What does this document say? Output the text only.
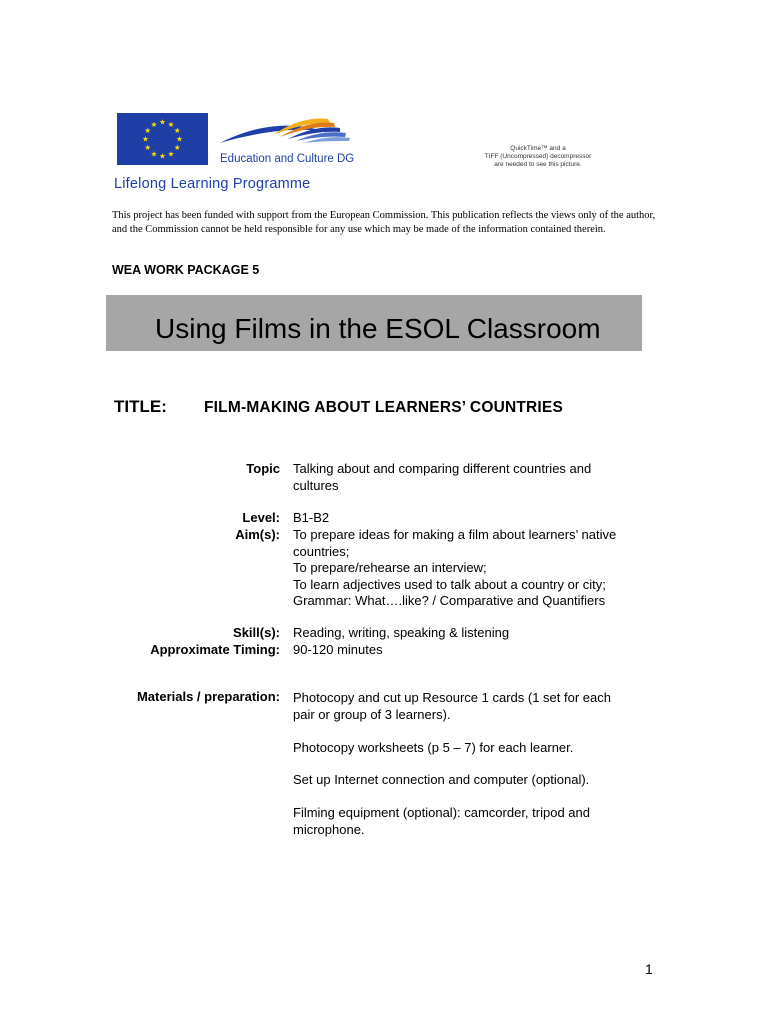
★ ★
★
★
★
★
★
★
★
★
★
★
Education and Culture DG
Lifelong Learning Programme
QuickTime™ and a
TIFF (Uncompressed) decompressor
are needed to see this picture.
This project has been funded with support from the European Commission. This publication reflects the views only of the author, and the Commission cannot be held responsible for any use which may be made of the information contained therein.
WEA WORK PACKAGE 5
Using Films in the ESOL Classroom
TITLE: FILM-MAKING ABOUT LEARNERS’ COUNTRIES
Topic Talking about and comparing different countries and
cultures
Level: B1-B2
Aim(s): To prepare ideas for making a film about learners’ native
countries;
To prepare/rehearse an interview;
To learn adjectives used to talk about a country or city;
Grammar: What….like? / Comparative and Quantifiers
Skill(s): Reading, writing, speaking & listening
Approximate Timing: 90-120 minutes
Materials / preparation: Photocopy and cut up Resource 1 cards (1 set for each
pair or group of 3 learners).
Photocopy worksheets (p 5 – 7) for each learner.
Set up Internet connection and computer (optional).
Filming equipment (optional): camcorder, tripod and
microphone.
1
